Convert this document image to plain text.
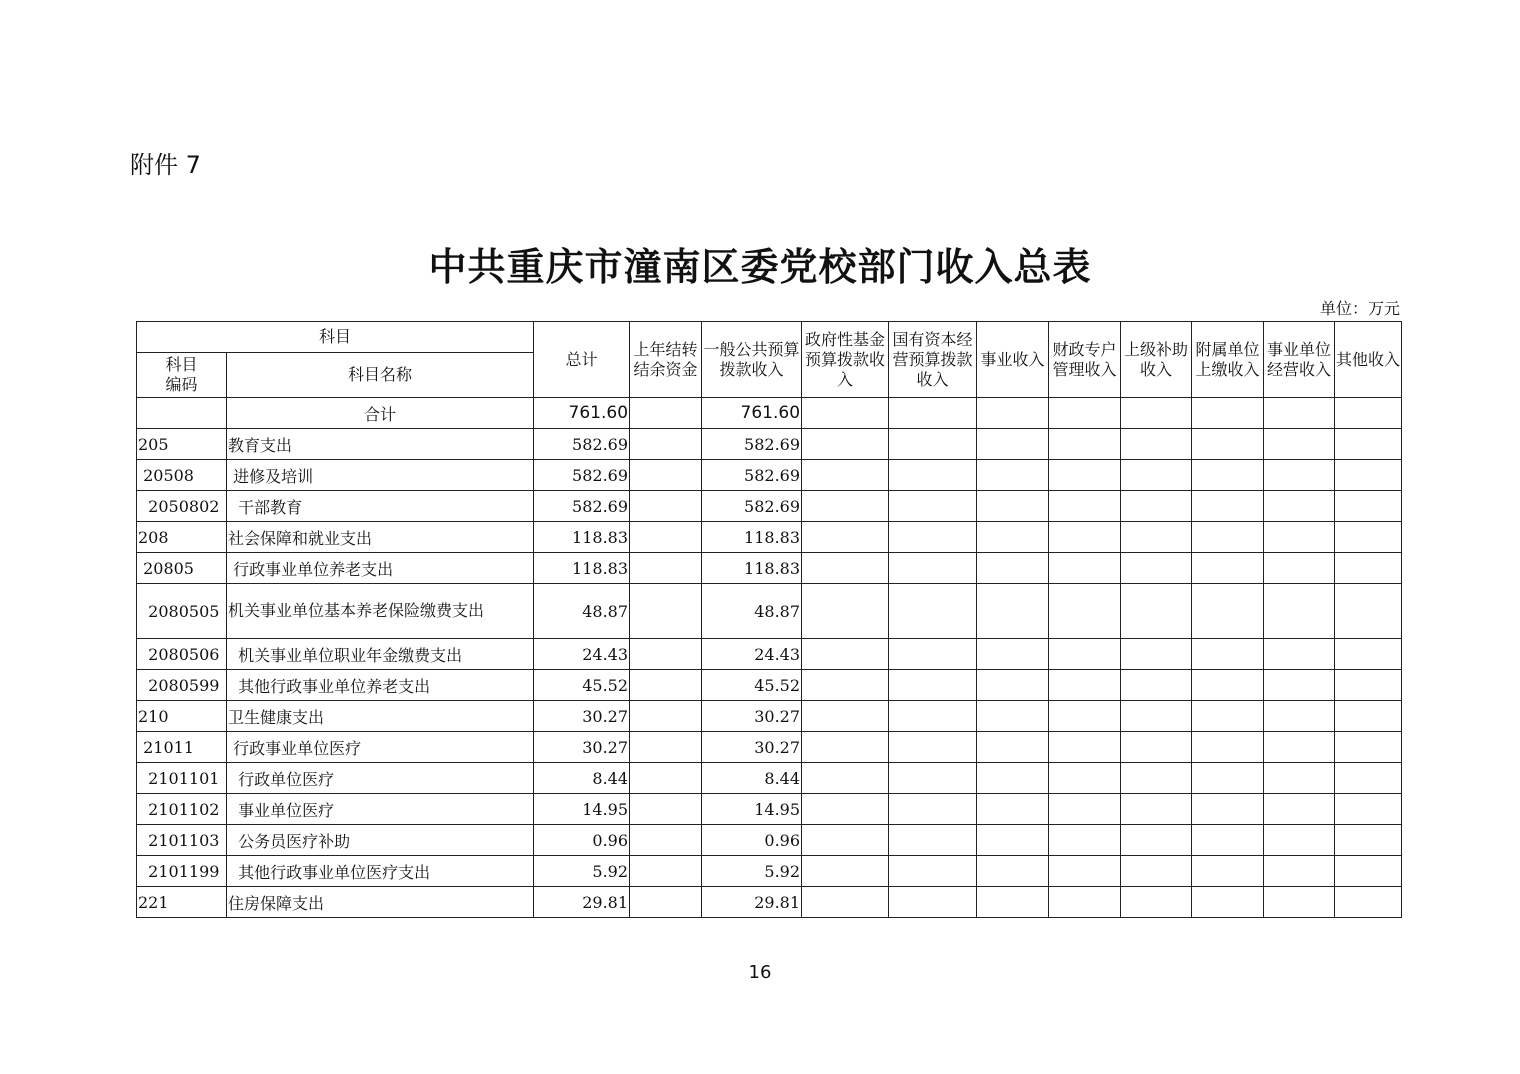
附件 7
中共重庆市潼南区委党校部门收入总表
单位：万元
科目		总计	上年结转结余资金	一般公共预算拨款收入	政府性基金预算拨款收入	国有资本经营预算拨款收入	事业收入	财政专户管理收入	上级补助收入	附属单位上缴收入	事业单位经营收入	其他收入
科目
编码	科目名称											
	合计	761.60		761.60								
205	教育支出	582.69		582.69								
20508	进修及培训	582.69		582.69								
2050802	干部教育	582.69		582.69								
208	社会保障和就业支出	118.83		118.83								
20805	行政事业单位养老支出	118.83		118.83								
2080505	机关事业单位基本养老保险缴费支出	48.87		48.87								
2080506	机关事业单位职业年金缴费支出	24.43		24.43								
2080599	其他行政事业单位养老支出	45.52		45.52								
210	卫生健康支出	30.27		30.27								
21011	行政事业单位医疗	30.27		30.27								
2101101	行政单位医疗	8.44		8.44								
2101102	事业单位医疗	14.95		14.95								
2101103	公务员医疗补助	0.96		0.96								
2101199	其他行政事业单位医疗支出	5.92		5.92								
221	住房保障支出	29.81		29.81								
16
